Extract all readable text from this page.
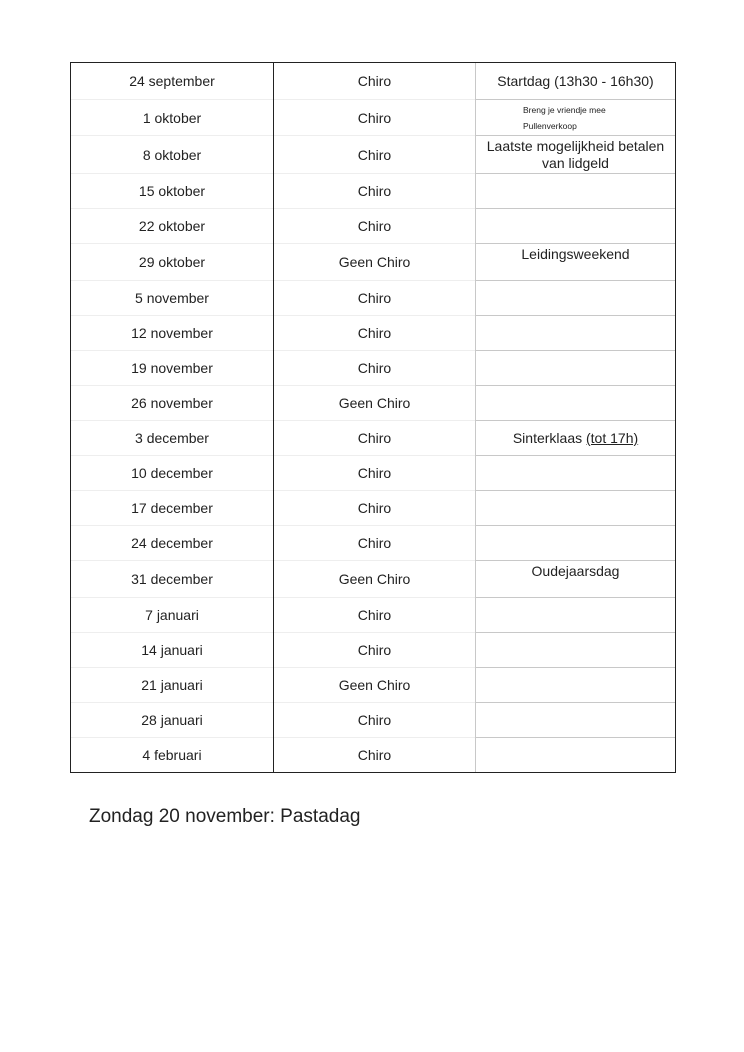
24 september	Chiro	Startdag (13h30 - 16h30)
1 oktober	Chiro	Breng je vriendje mee
Pullenverkoop

8 oktober	Chiro	Laatste mogelijkheid betalen van lidgeld
15 oktober	Chiro	
22 oktober	Chiro	
29 oktober	Geen Chiro	Leidingsweekend
5 november	Chiro	
12 november	Chiro	
19 november	Chiro	
26 november	Geen Chiro	
3 december	Chiro	Sinterklaas (tot 17h)
10 december	Chiro	
17 december	Chiro	
24 december	Chiro	
31 december	Geen Chiro	Oudejaarsdag
7 januari	Chiro	
14 januari	Chiro	
21 januari	Geen Chiro	
28 januari	Chiro	
4 februari	Chiro	
Zondag 20 november: Pastadag
